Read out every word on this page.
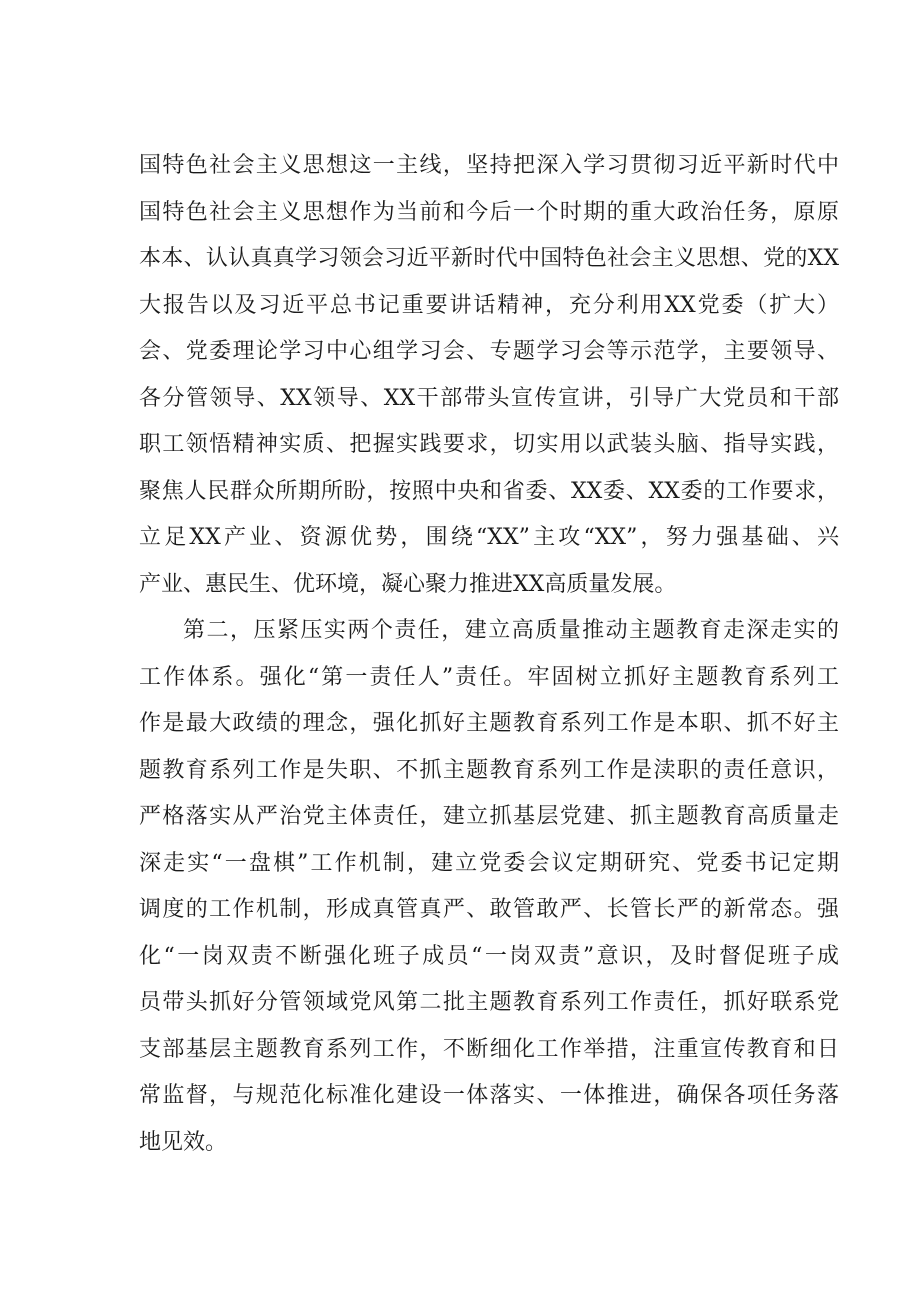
国特色社会主义思想这一主线，坚持把深入学习贯彻习近平新时代中
国特色社会主义思想作为当前和今后一个时期的重大政治任务，原原
本本、认认真真学习领会习近平新时代中国特色社会主义思想、党的XX
大报告以及习近平总书记重要讲话精神，充分利用XX党委（扩大）
会、党委理论学习中心组学习会、专题学习会等示范学，主要领导、
各分管领导、XX领导、XX干部带头宣传宣讲，引导广大党员和干部
职工领悟精神实质、把握实践要求，切实用以武装头脑、指导实践，
聚焦人民群众所期所盼，按照中央和省委、XX委、XX委的工作要求，
立足XX产业、资源优势，围绕“XX”主攻“XX”，努力强基础、兴
产业、惠民生、优环境，凝心聚力推进XX高质量发展。
第二，压紧压实两个责任，建立高质量推动主题教育走深走实的
工作体系。强化“第一责任人”责任。牢固树立抓好主题教育系列工
作是最大政绩的理念，强化抓好主题教育系列工作是本职、抓不好主
题教育系列工作是失职、不抓主题教育系列工作是渎职的责任意识，
严格落实从严治党主体责任，建立抓基层党建、抓主题教育高质量走
深走实“一盘棋”工作机制，建立党委会议定期研究、党委书记定期
调度的工作机制，形成真管真严、敢管敢严、长管长严的新常态。强
化“一岗双责不断强化班子成员“一岗双责”意识，及时督促班子成
员带头抓好分管领域党风第二批主题教育系列工作责任，抓好联系党
支部基层主题教育系列工作，不断细化工作举措，注重宣传教育和日
常监督，与规范化标准化建设一体落实、一体推进，确保各项任务落
地见效。
